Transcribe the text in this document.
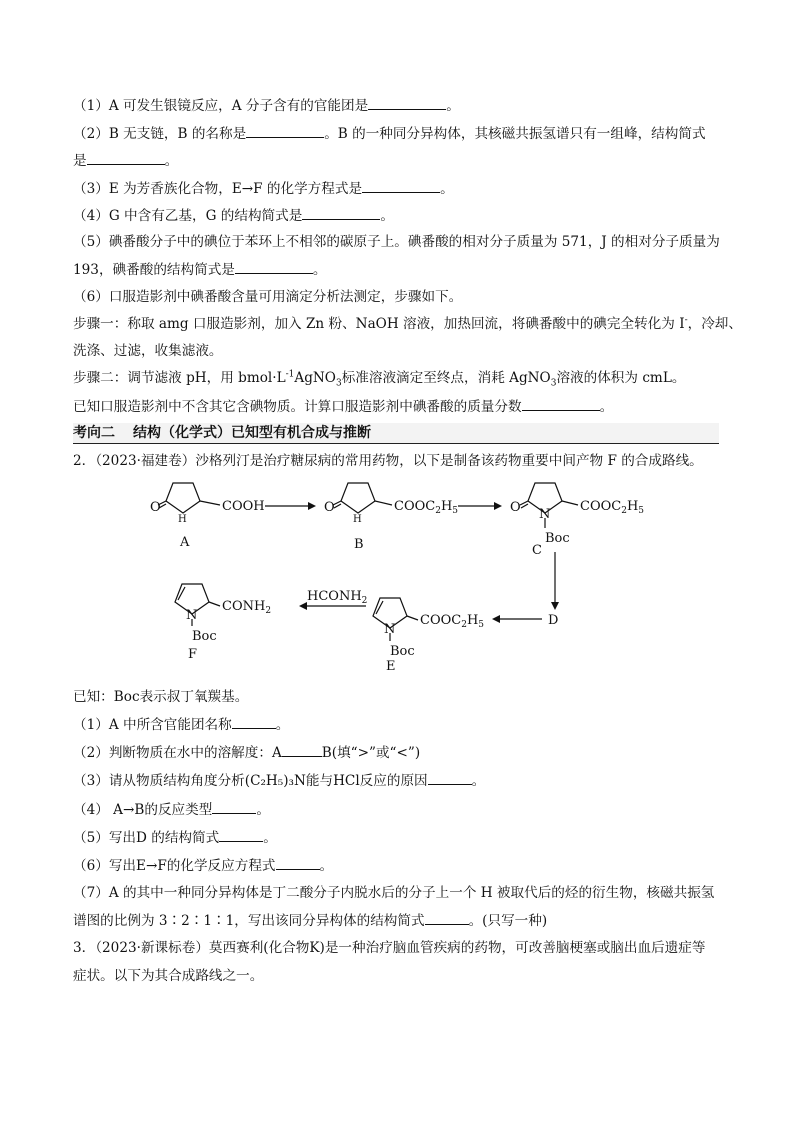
（1）A 可发生银镜反应，A 分子含有的官能团是	。
（2）B 无支链，B 的名称是	。B 的一种同分异构体，其核磁共振氢谱只有一组峰，结构简式
是	。
（3）E 为芳香族化合物，E→F 的化学方程式是	。
（4）G 中含有乙基，G 的结构简式是	。
（5）碘番酸分子中的碘位于苯环上不相邻的碳原子上。碘番酸的相对分子质量为 571，J 的相对分子质量为
193，碘番酸的结构简式是	。
（6）口服造影剂中碘番酸含量可用滴定分析法测定，步骤如下。
步骤一：称取 amg 口服造影剂，加入 Zn 粉、NaOH 溶液，加热回流，将碘番酸中的碘完全转化为 I-，冷却、
洗涤、过滤，收集滤液。
步骤二：调节滤液 pH，用 $bmol\cdot L^{-1}AgNO_3$标准溶液滴定至终点，消耗 AgNO$_3$溶液的体积为 cmL。
已知口服造影剂中不含其它含碘物质。计算口服造影剂中碘番酸的质量分数	。
考向二 结构（化学式）已知型有机合成与推断
2．（2023·福建卷）沙格列汀是治疗糖尿病的常用药物，以下是制备该药物重要中间产物 F 的合成路线。
O
H
COOH
A
O
H
$COOC_2H_5$
B
O N
$COOC_2H_5$
Boc
C
D
N
$COOC_2H_5$
Boc
E
$HCONH_2$
N
$CONH_2$
Boc
F
已知：Boc表示叔丁氧羰基。
（1）A 中所含官能团名称	。
（2）判断物质在水中的溶解度：A	B(填“>”或“<”)
（3）请从物质结构角度分析(C₂H₅)₃N能与HCl反应的原因	。
（4） A→B的反应类型	。
（5）写出D 的结构简式	。
（6）写出E→F的化学反应方程式	。
（7）A 的其中一种同分异构体是丁二酸分子内脱水后的分子上一个 H 被取代后的烃的衍生物，核磁共振氢
谱图的比例为 3∶2∶1∶1，写出该同分异构体的结构简式	。(只写一种)
3．（2023·新课标卷）莫西赛利(化合物K)是一种治疗脑血管疾病的药物，可改善脑梗塞或脑出血后遗症等
症状。以下为其合成路线之一。
